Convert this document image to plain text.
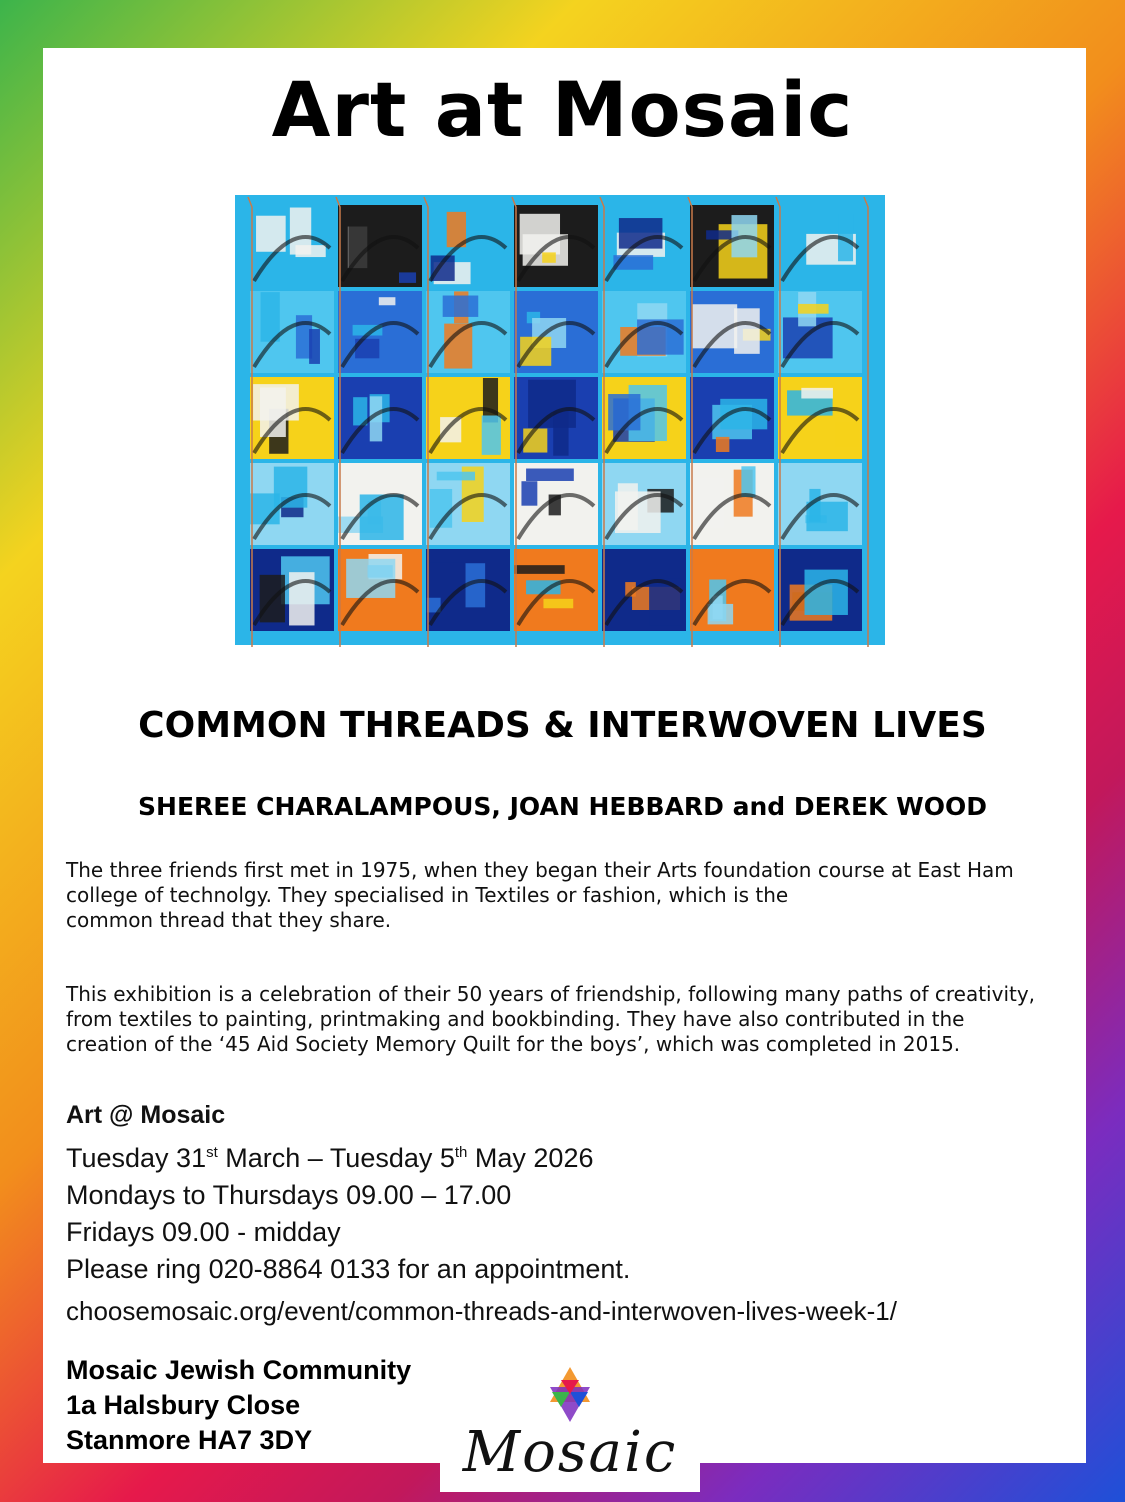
Art at Mosaic
COMMON THREADS & INTERWOVEN LIVES
SHEREE CHARALAMPOUS, JOAN HEBBARD and DEREK WOOD

The three friends first met in 1975, when they began their Arts foundation course at East Ham
college of technolgy. They specialised in Textiles or fashion, which is the
common thread that they share.

This exhibition is a celebration of their 50 years of friendship, following many paths of creativity,
from textiles to painting, printmaking and bookbinding. They have also contributed in the
creation of the ‘45 Aid Society Memory Quilt for the boys’, which was completed in 2015.

Art @ Mosaic
Tuesday 31st March – Tuesday 5th May 2026
Mondays to Thursdays 09.00 – 17.00
Fridays 09.00 - midday
Please ring 020-8864 0133 for an appointment.
choosemosaic.org/event/common-threads-and-interwoven-lives-week-1/
Mosaic Jewish Community
1a Halsbury Close
Stanmore HA7 3DY	Mosaic
